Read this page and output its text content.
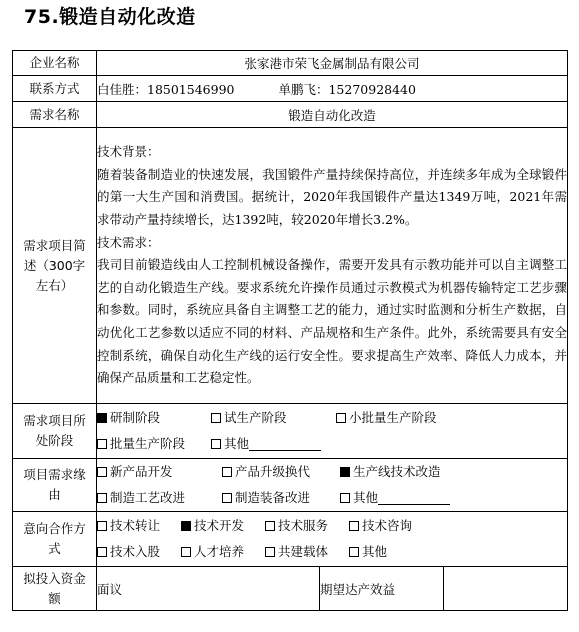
75.锻造自动化改造
企业名称	张家港市荣飞金属制品有限公司		
联系方式	白佳胜：18501546990 单鹏飞：15270928440		
需求名称	锻造自动化改造		
需求项目简述（300字左右）	技术背景：

随着装备制造业的快速发展，我国锻件产量持续保持高位，并连续多年成为全球锻件的第一大生产国和消费国。据统计，2020年我国锻件产量达1349万吨，2021年需求带动产量持续增长，达1392吨，较2020年增长3.2%。

技术需求：

我司目前锻造线由人工控制机械设备操作，需要开发具有示教功能并可以自主调整工艺的自动化锻造生产线。要求系统允许操作员通过示教模式为机器传输特定工艺步骤和参数。同时，系统应具备自主调整工艺的能力，通过实时监测和分析生产数据，自动优化工艺参数以适应不同的材料、产品规格和生产条件。此外，系统需要具有安全控制系统，确保自动化生产线的运行安全性。要求提高生产效率、降低人力成本，并确保产品质量和工艺稳定性。		

需求项目所处阶段	研制阶段 试生产阶段 小批量生产阶段
批量生产阶段 其他		

项目需求缘由	新产品开发 产品升级换代 生产线技术改造
制造工艺改进 制造装备改进 其他		

意向合作方式	技术转让 技术开发 技术服务 技术咨询
技术入股 人才培养 共建载体 其他		

拟投入资金额	面议	期望达产效益	
